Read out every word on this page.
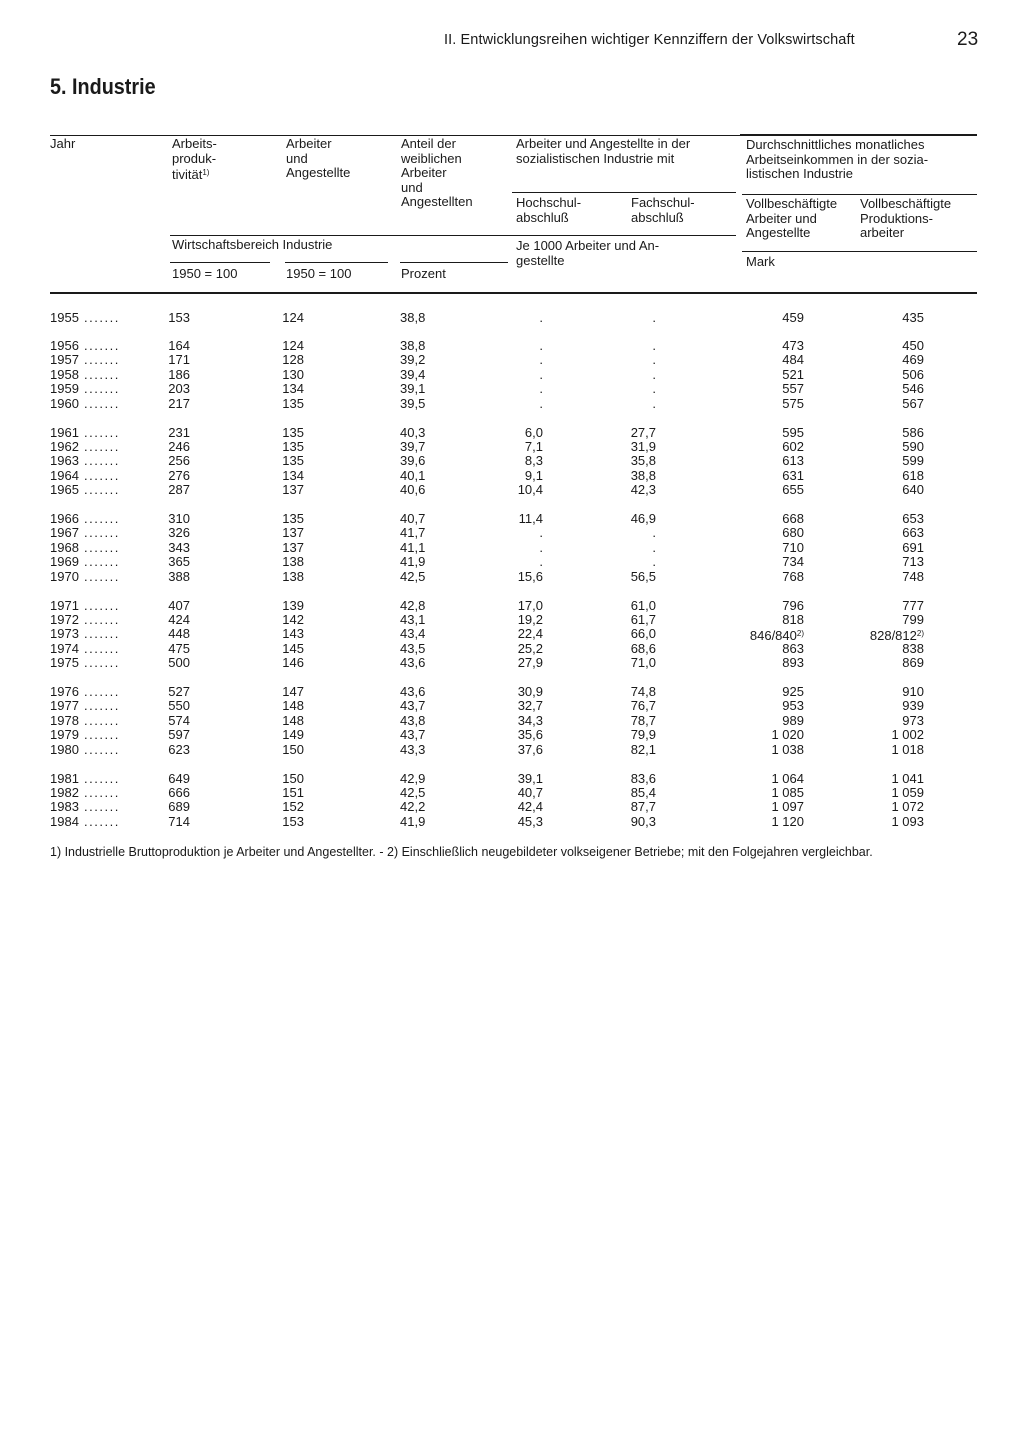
II. Entwicklungsreihen wichtiger Kennziffern der Volkswirtschaft	23
5. Industrie
Jahr	Arbeits-
produk-
tivität$^{1)}$
Arbeiter
und
Angestellte
Anteil der
weiblichen
Arbeiter
und
Angestellten
Arbeiter und Angestellte in der
sozialistischen Industrie mit
Hochschul-
abschluß
Fachschul-
abschluß
Durchschnittliches monatliches
Arbeitseinkommen in der sozia-
listischen Industrie
Vollbeschäftigte
Arbeiter und
Angestellte
Vollbeschäftigte
Produktions-
arbeiter
Wirtschaftsbereich Industrie
1950 = 100	1950 = 100	Prozent
Je 1000 Arbeiter und An-
gestellte	Mark
1955 .......	153	124	38,8	.	.	459	435
1956 .......	164	124	38,8	.	.	473	450
1957 .......	171	128	39,2	.	.	484	469
1958 .......	186	130	39,4	.	.	521	506
1959 .......	203	134	39,1	.	.	557	546
1960 .......	217	135	39,5	.	.	575	567
1961 .......	231	135	40,3	6,0	27,7	595	586
1962 .......	246	135	39,7	7,1	31,9	602	590
1963 .......	256	135	39,6	8,3	35,8	613	599
1964 .......	276	134	40,1	9,1	38,8	631	618
1965 .......	287	137	40,6	10,4	42,3	655	640
1966 .......	310	135	40,7	11,4	46,9	668	653
1967 .......	326	137	41,7	.	.	680	663
1968 .......	343	137	41,1	.	.	710	691
1969 .......	365	138	41,9	.	.	734	713
1970 .......	388	138	42,5	15,6	56,5	768	748
1971 .......	407	139	42,8	17,0	61,0	796	777
1972 .......	424	142	43,1	19,2	61,7	818	799
1973 .......	448	143	43,4	22,4	66,0	846/840$^{2)}$	828/812$^{2)}$
1974 .......	475	145	43,5	25,2	68,6	863	838
1975 .......	500	146	43,6	27,9	71,0	893	869
1976 .......	527	147	43,6	30,9	74,8	925	910
1977 .......	550	148	43,7	32,7	76,7	953	939
1978 .......	574	148	43,8	34,3	78,7	989	973
1979 .......	597	149	43,7	35,6	79,9	1 020	1 002
1980 .......	623	150	43,3	37,6	82,1	1 038	1 018
1981 .......	649	150	42,9	39,1	83,6	1 064	1 041
1982 .......	666	151	42,5	40,7	85,4	1 085	1 059
1983 .......	689	152	42,2	42,4	87,7	1 097	1 072
1984 .......	714	153	41,9	45,3	90,3	1 120	1 093
1) Industrielle Bruttoproduktion je Arbeiter und Angestellter. - 2) Einschließlich neugebildeter volkseigener Betriebe; mit den Folgejahren vergleichbar.
